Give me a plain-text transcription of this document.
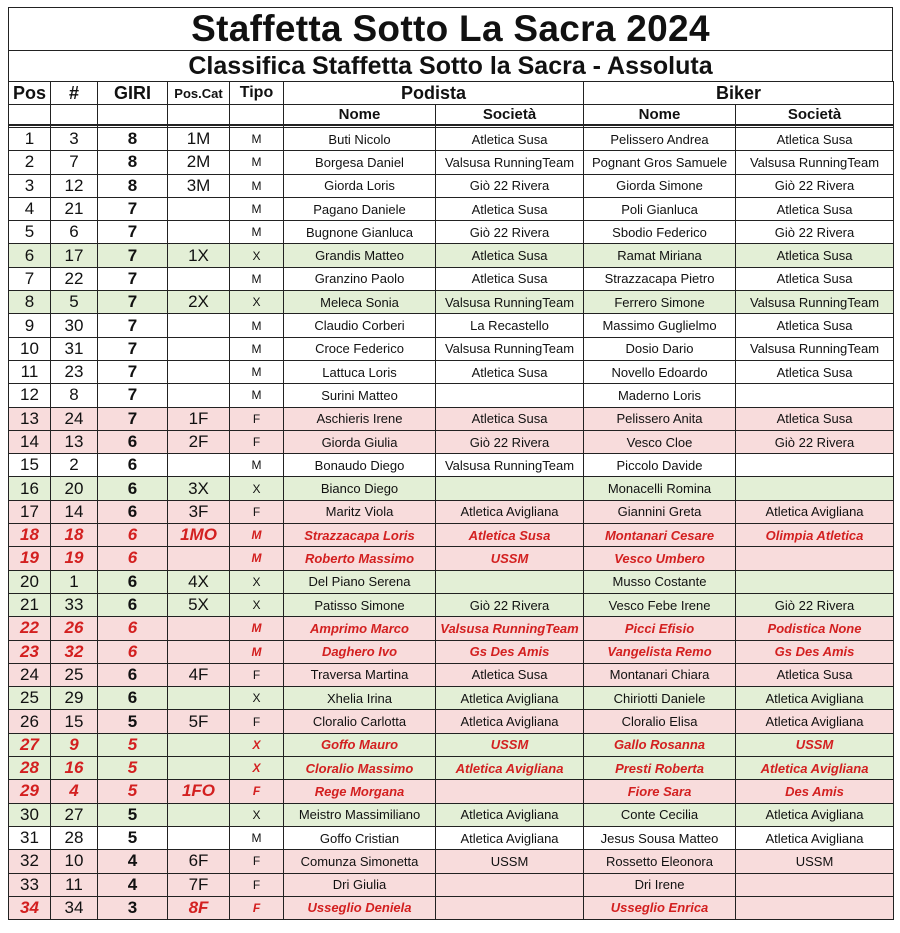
Staffetta Sotto La Sacra 2024
Classifica Staffetta Sotto la Sacra - Assoluta
Pos	#	GIRI	Pos.Cat	Tipo	Podista		Biker	
					Nome	Società	Nome	Società

1	3	8	1M	M	Buti Nicolo	Atletica Susa	Pelissero Andrea	Atletica Susa
2	7	8	2M	M	Borgesa Daniel	Valsusa RunningTeam	Pognant Gros Samuele	Valsusa RunningTeam
3	12	8	3M	M	Giorda Loris	Giò 22 Rivera	Giorda Simone	Giò 22 Rivera
4	21	7		M	Pagano Daniele	Atletica Susa	Poli Gianluca	Atletica Susa
5	6	7		M	Bugnone Gianluca	Giò 22 Rivera	Sbodio Federico	Giò 22 Rivera
6	17	7	1X	X	Grandis Matteo	Atletica Susa	Ramat Miriana	Atletica Susa
7	22	7		M	Granzino Paolo	Atletica Susa	Strazzacapa Pietro	Atletica Susa
8	5	7	2X	X	Meleca Sonia	Valsusa RunningTeam	Ferrero Simone	Valsusa RunningTeam
9	30	7		M	Claudio Corberi	La Recastello	Massimo Guglielmo	Atletica Susa
10	31	7		M	Croce Federico	Valsusa RunningTeam	Dosio Dario	Valsusa RunningTeam
11	23	7		M	Lattuca Loris	Atletica Susa	Novello Edoardo	Atletica Susa
12	8	7		M	Surini Matteo		Maderno Loris	
13	24	7	1F	F	Aschieris Irene	Atletica Susa	Pelissero Anita	Atletica Susa
14	13	6	2F	F	Giorda Giulia	Giò 22 Rivera	Vesco Cloe	Giò 22 Rivera
15	2	6		M	Bonaudo Diego	Valsusa RunningTeam	Piccolo Davide	
16	20	6	3X	X	Bianco Diego		Monacelli Romina	
17	14	6	3F	F	Maritz Viola	Atletica Avigliana	Giannini Greta	Atletica Avigliana
18	18	6	1MO	M	Strazzacapa Loris	Atletica Susa	Montanari Cesare	Olimpia Atletica
19	19	6		M	Roberto Massimo	USSM	Vesco Umbero	
20	1	6	4X	X	Del Piano Serena		Musso Costante	
21	33	6	5X	X	Patisso Simone	Giò 22 Rivera	Vesco Febe Irene	Giò 22 Rivera
22	26	6		M	Amprimo Marco	Valsusa RunningTeam	Picci Efisio	Podistica None
23	32	6		M	Daghero Ivo	Gs Des Amis	Vangelista Remo	Gs Des Amis
24	25	6	4F	F	Traversa Martina	Atletica Susa	Montanari Chiara	Atletica Susa
25	29	6		X	Xhelia Irina	Atletica Avigliana	Chiriotti Daniele	Atletica Avigliana
26	15	5	5F	F	Cloralio Carlotta	Atletica Avigliana	Cloralio Elisa	Atletica Avigliana
27	9	5		X	Goffo Mauro	USSM	Gallo Rosanna	USSM
28	16	5		X	Cloralio Massimo	Atletica Avigliana	Presti Roberta	Atletica Avigliana
29	4	5	1FO	F	Rege Morgana		Fiore Sara	Des Amis
30	27	5		X	Meistro Massimiliano	Atletica Avigliana	Conte Cecilia	Atletica Avigliana
31	28	5		M	Goffo Cristian	Atletica Avigliana	Jesus Sousa Matteo	Atletica Avigliana
32	10	4	6F	F	Comunza Simonetta	USSM	Rossetto Eleonora	USSM
33	11	4	7F	F	Dri Giulia		Dri Irene	
34	34	3	8F	F	Usseglio Deniela		Usseglio Enrica	
